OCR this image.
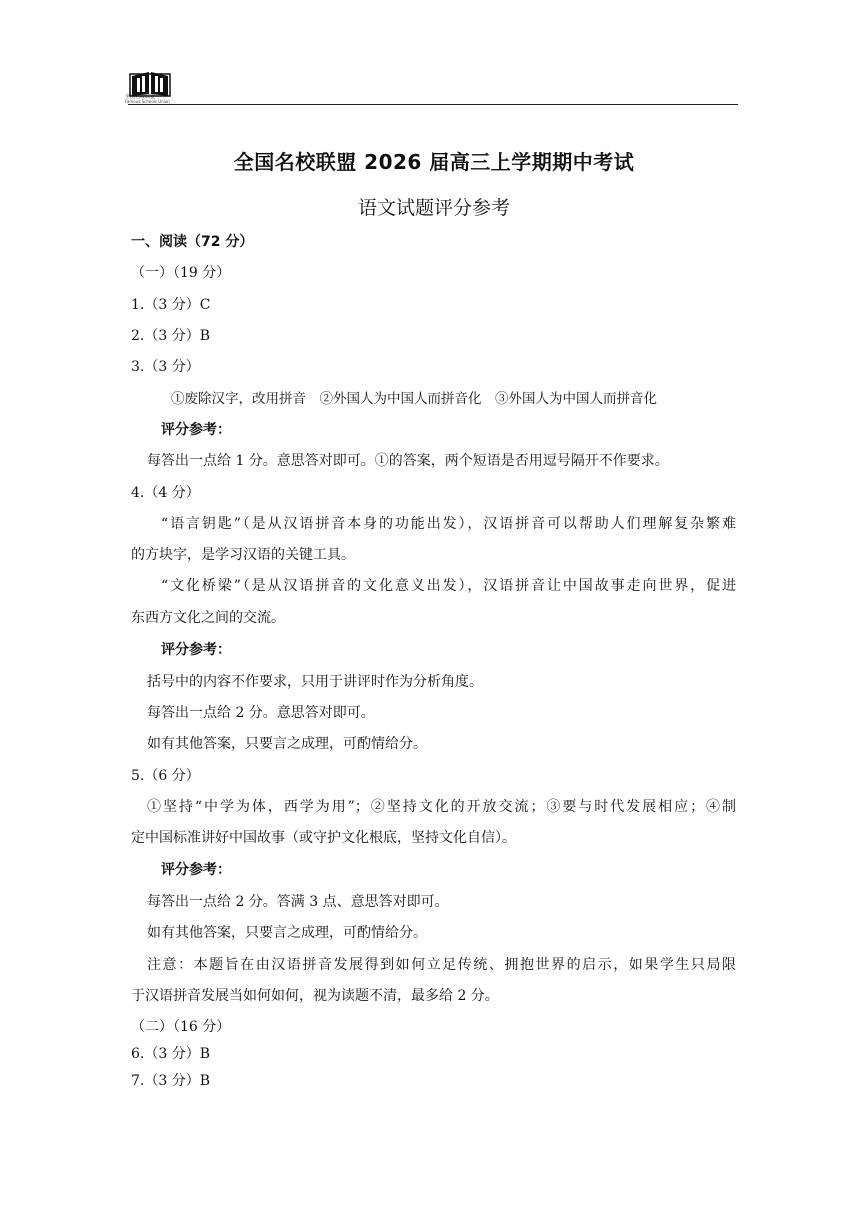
全国名校联盟
Famous Schools Union
全国名校联盟 2026 届高三上学期期中考试
语文试题评分参考
一、阅读（72 分）
（一）（19 分）
1.（3 分）C
2.（3 分）B
3.（3 分）
①废除汉字，改用拼音　②外国人为中国人而拼音化　③外国人为中国人而拼音化
评分参考：
每答出一点给 1 分。意思答对即可。①的答案，两个短语是否用逗号隔开不作要求。
4.（4 分）
“语言钥匙”（是从汉语拼音本身的功能出发），汉语拼音可以帮助人们理解复杂繁难
的方块字，是学习汉语的关键工具。
“文化桥梁”（是从汉语拼音的文化意义出发），汉语拼音让中国故事走向世界，促进
东西方文化之间的交流。
评分参考：
括号中的内容不作要求，只用于讲评时作为分析角度。
每答出一点给 2 分。意思答对即可。
如有其他答案，只要言之成理，可酌情给分。
5.（6 分）
①坚持“中学为体，西学为用”；②坚持文化的开放交流；③要与时代发展相应；④制
定中国标准讲好中国故事（或守护文化根底，坚持文化自信）。
评分参考：
每答出一点给 2 分。答满 3 点、意思答对即可。
如有其他答案，只要言之成理，可酌情给分。
注意：本题旨在由汉语拼音发展得到如何立足传统、拥抱世界的启示，如果学生只局限
于汉语拼音发展当如何如何，视为读题不清，最多给 2 分。
（二）（16 分）
6.（3 分）B
7.（3 分）B
